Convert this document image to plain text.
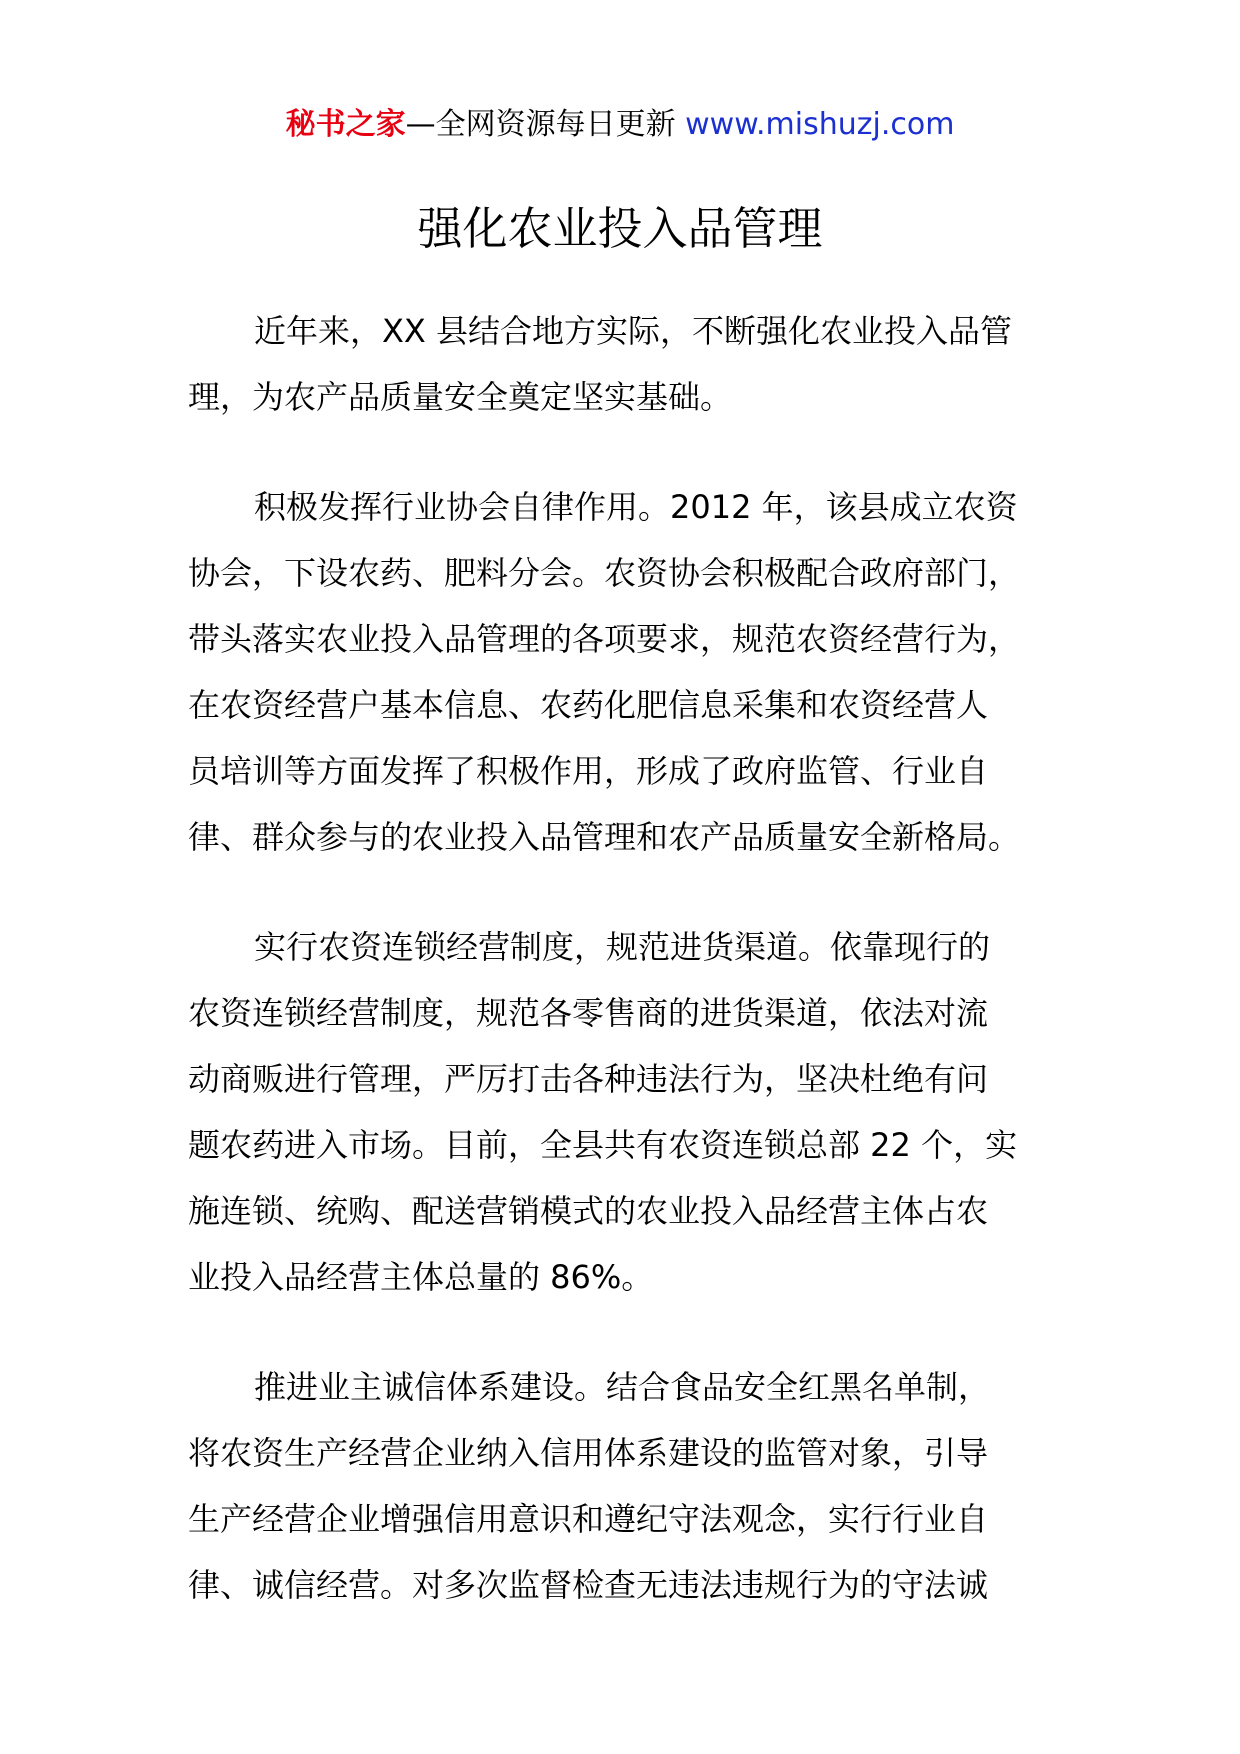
秘书之家—全网资源每日更新 www.mishuzj.com
强化农业投入品管理
近年来，XX 县结合地方实际，不断强化农业投入品管
理，为农产品质量安全奠定坚实基础。
积极发挥行业协会自律作用。2012 年，该县成立农资
协会，下设农药、肥料分会。农资协会积极配合政府部门，
带头落实农业投入品管理的各项要求，规范农资经营行为，
在农资经营户基本信息、农药化肥信息采集和农资经营人
员培训等方面发挥了积极作用，形成了政府监管、行业自
律、群众参与的农业投入品管理和农产品质量安全新格局。
实行农资连锁经营制度，规范进货渠道。依靠现行的
农资连锁经营制度，规范各零售商的进货渠道，依法对流
动商贩进行管理，严厉打击各种违法行为，坚决杜绝有问
题农药进入市场。目前，全县共有农资连锁总部 22 个，实
施连锁、统购、配送营销模式的农业投入品经营主体占农
业投入品经营主体总量的 86%。
推进业主诚信体系建设。结合食品安全红黑名单制，
将农资生产经营企业纳入信用体系建设的监管对象，引导
生产经营企业增强信用意识和遵纪守法观念，实行行业自
律、诚信经营。对多次监督检查无违法违规行为的守法诚
